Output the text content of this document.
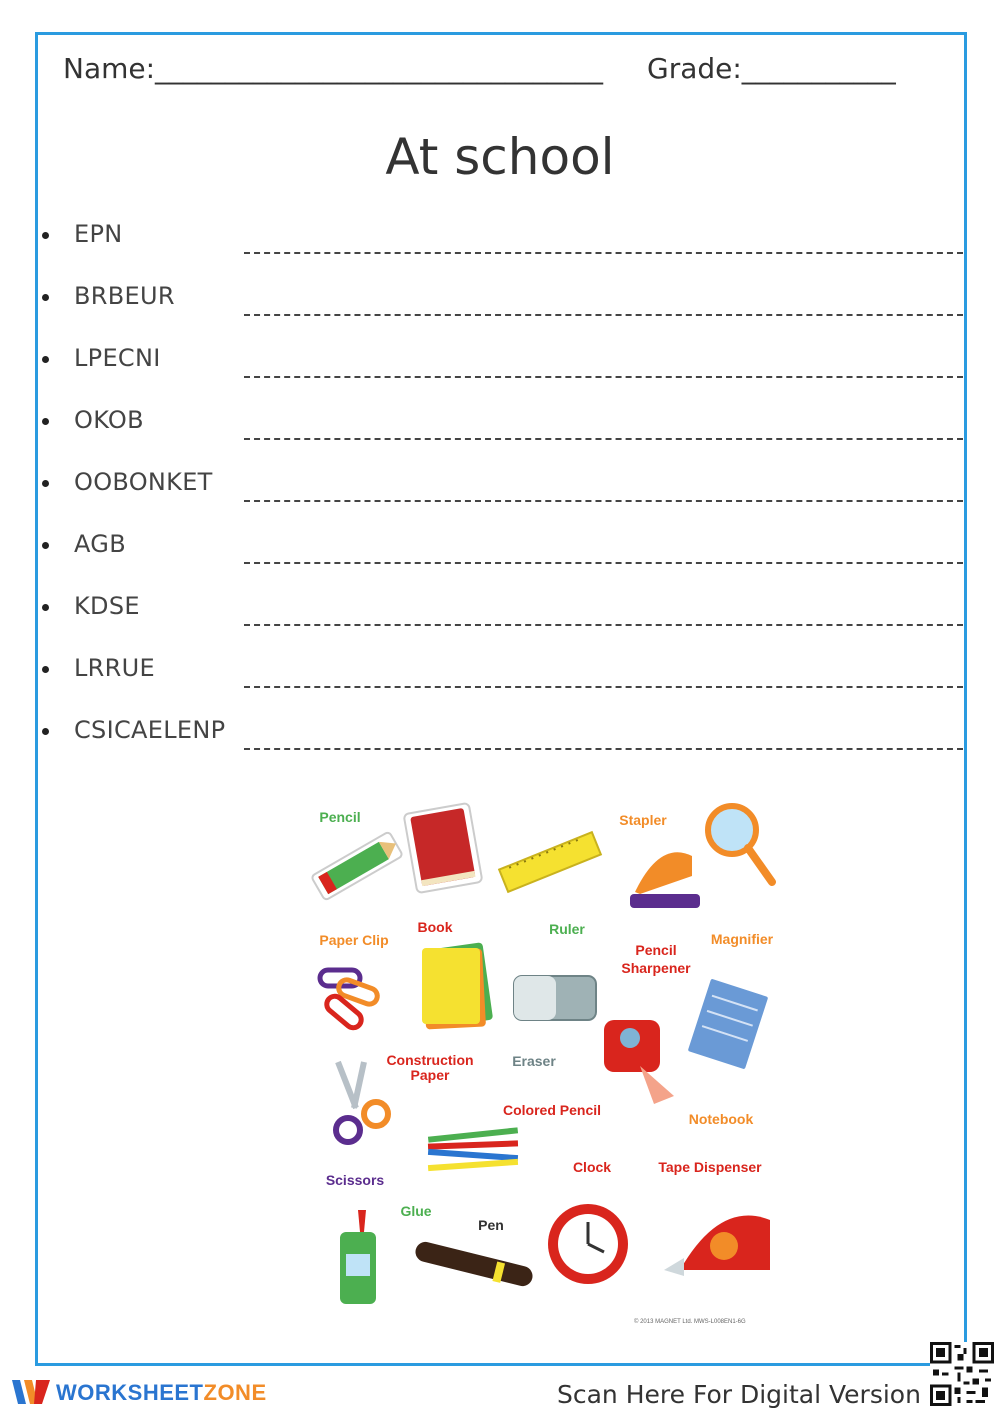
Name:________________________________ Grade:___________
At school
EPN
BRBEUR
LPECNI
OKOB
OOBONKET
AGB
KDSE
LRRUE
CSICAELENP
Pencil	Stapler
Paper Clip
Book	Ruler
Pencil
Sharpener
Magnifier
Construction
Paper
Eraser
Colored Pencil
Notebook
Clock	Tape Dispenser
Scissors
Glue
Pen
© 2013 MAGNET Ltd. MWS-L008EN1-6G
WORKSHEETZONE	Scan Here For Digital Version
